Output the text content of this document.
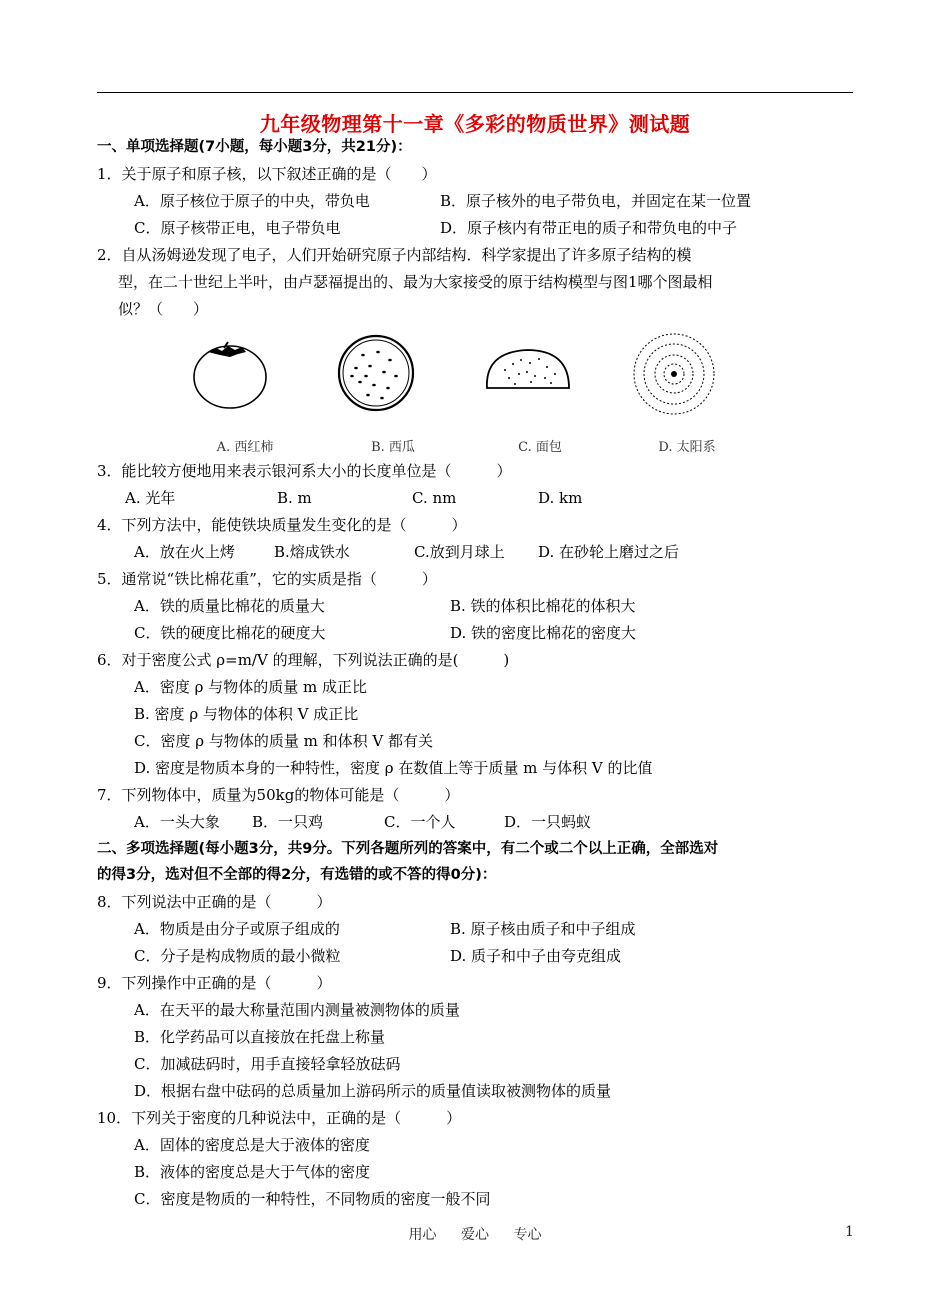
九年级物理第十一章《多彩的物质世界》测试题
一、单项选择题(7小题，每小题3分，共21分)：
1．关于原子和原子核，以下叙述正确的是（　　）
A．原子核位于原子的中央，带负电	B．原子核外的电子带负电，并固定在某一位置
C．原子核带正电，电子带负电	D．原子核内有带正电的质子和带负电的中子
2．自从汤姆逊发现了电子，人们开始研究原子内部结构．科学家提出了许多原子结构的模
型，在二十世纪上半叶，由卢瑟福提出的、最为大家接受的原于结构模型与图1哪个图最相
似？（　　）
A. 西红柿	B. 西瓜	C. 面包	D. 太阳系
3．能比较方便地用来表示银河系大小的长度单位是（　　　）
A. 光年	B. m	C. nm	D. km
4．下列方法中，能使铁块质量发生变化的是（　　　）
A．放在火上烤	B.熔成铁水	C.放到月球上 D. 在砂轮上磨过之后
5．通常说“铁比棉花重”，它的实质是指（　　　）
A．铁的质量比棉花的质量大	B. 铁的体积比棉花的体积大
C．铁的硬度比棉花的硬度大	D. 铁的密度比棉花的密度大
6．对于密度公式 ρ=m/V 的理解，下列说法正确的是(　　　)
A．密度 ρ 与物体的质量 m 成正比
B. 密度 ρ 与物体的体积 V 成正比
C．密度 ρ 与物体的质量 m 和体积 V 都有关
D. 密度是物质本身的一种特性，密度 ρ 在数值上等于质量 m 与体积 V 的比值
7．下列物体中，质量为50kg的物体可能是（　　　）
A．一头大象 B．一只鸡	C．一个人	D．一只蚂蚁
二、多项选择题(每小题3分，共9分。下列各题所列的答案中，有二个或二个以上正确，全部选对
的得3分，选对但不全部的得2分，有选错的或不答的得0分)：
8．下列说法中正确的是（　　　）
A．物质是由分子或原子组成的	B. 原子核由质子和中子组成
C．分子是构成物质的最小微粒	D. 质子和中子由夸克组成
9．下列操作中正确的是（　　　）
A．在天平的最大称量范围内测量被测物体的质量
B．化学药品可以直接放在托盘上称量
C．加减砝码时，用手直接轻拿轻放砝码
D．根据右盘中砝码的总质量加上游码所示的质量值读取被测物体的质量
10．下列关于密度的几种说法中，正确的是（　　　）
A．固体的密度总是大于液体的密度
B．液体的密度总是大于气体的密度
C．密度是物质的一种特性，不同物质的密度一般不同
用心 爱心 专心	1
